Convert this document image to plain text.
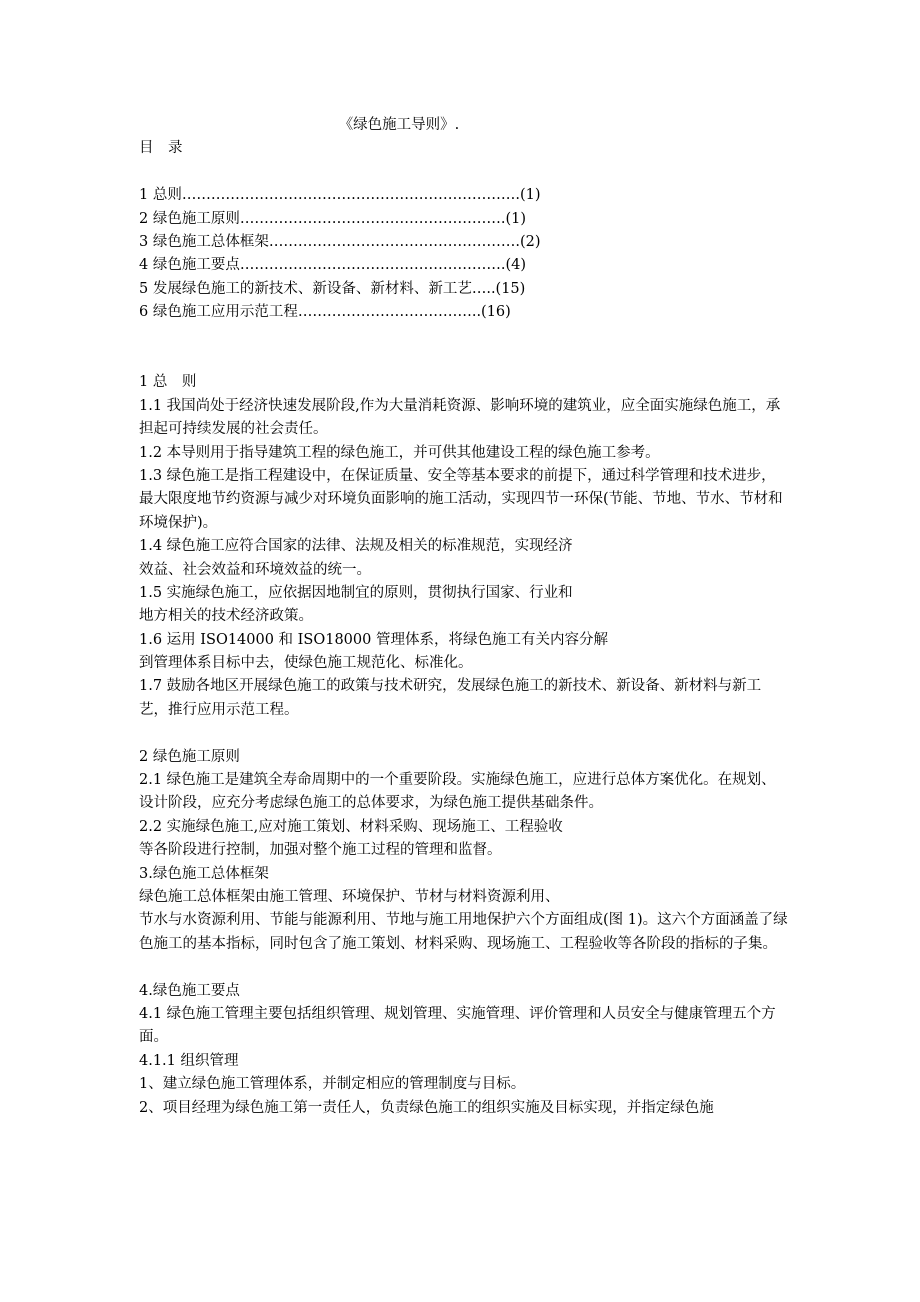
《绿色施工导则》.
目　录
1 总则…………………………………………………………….(1)
2 绿色施工原则……………………………………………….(1)
3 绿色施工总体框架…………………………………………….(2)
4 绿色施工要点……………………………………………….(4)
5 发展绿色施工的新技术、新设备、新材料、新工艺…..(15)
6 绿色施工应用示范工程………………………………..(16)
1 总　则
1.1 我国尚处于经济快速发展阶段,作为大量消耗资源、影响环境的建筑业，应全面实施绿色施工，承担起可持续发展的社会责任。
1.2 本导则用于指导建筑工程的绿色施工，并可供其他建设工程的绿色施工参考。
1.3 绿色施工是指工程建设中，在保证质量、安全等基本要求的前提下，通过科学管理和技术进步，最大限度地节约资源与减少对环境负面影响的施工活动，实现四节一环保(节能、节地、节水、节材和环境保护)。
1.4 绿色施工应符合国家的法律、法规及相关的标准规范，实现经济
效益、社会效益和环境效益的统一。
1.5 实施绿色施工，应依据因地制宜的原则，贯彻执行国家、行业和
地方相关的技术经济政策。
1.6 运用 ISO14000 和 ISO18000 管理体系，将绿色施工有关内容分解
到管理体系目标中去，使绿色施工规范化、标准化。
1.7 鼓励各地区开展绿色施工的政策与技术研究，发展绿色施工的新技术、新设备、新材料与新工艺，推行应用示范工程。
2 绿色施工原则
2.1 绿色施工是建筑全寿命周期中的一个重要阶段。实施绿色施工，应进行总体方案优化。在规划、设计阶段，应充分考虑绿色施工的总体要求，为绿色施工提供基础条件。
2.2 实施绿色施工,应对施工策划、材料采购、现场施工、工程验收
等各阶段进行控制，加强对整个施工过程的管理和监督。
3.绿色施工总体框架
绿色施工总体框架由施工管理、环境保护、节材与材料资源利用、
节水与水资源利用、节能与能源利用、节地与施工用地保护六个方面组成(图 1)。这六个方面涵盖了绿色施工的基本指标，同时包含了施工策划、材料采购、现场施工、工程验收等各阶段的指标的子集。
4.绿色施工要点
4.1 绿色施工管理主要包括组织管理、规划管理、实施管理、评价管理和人员安全与健康管理五个方面。
4.1.1 组织管理
1、建立绿色施工管理体系，并制定相应的管理制度与目标。
2、项目经理为绿色施工第一责任人，负责绿色施工的组织实施及目标实现，并指定绿色施
